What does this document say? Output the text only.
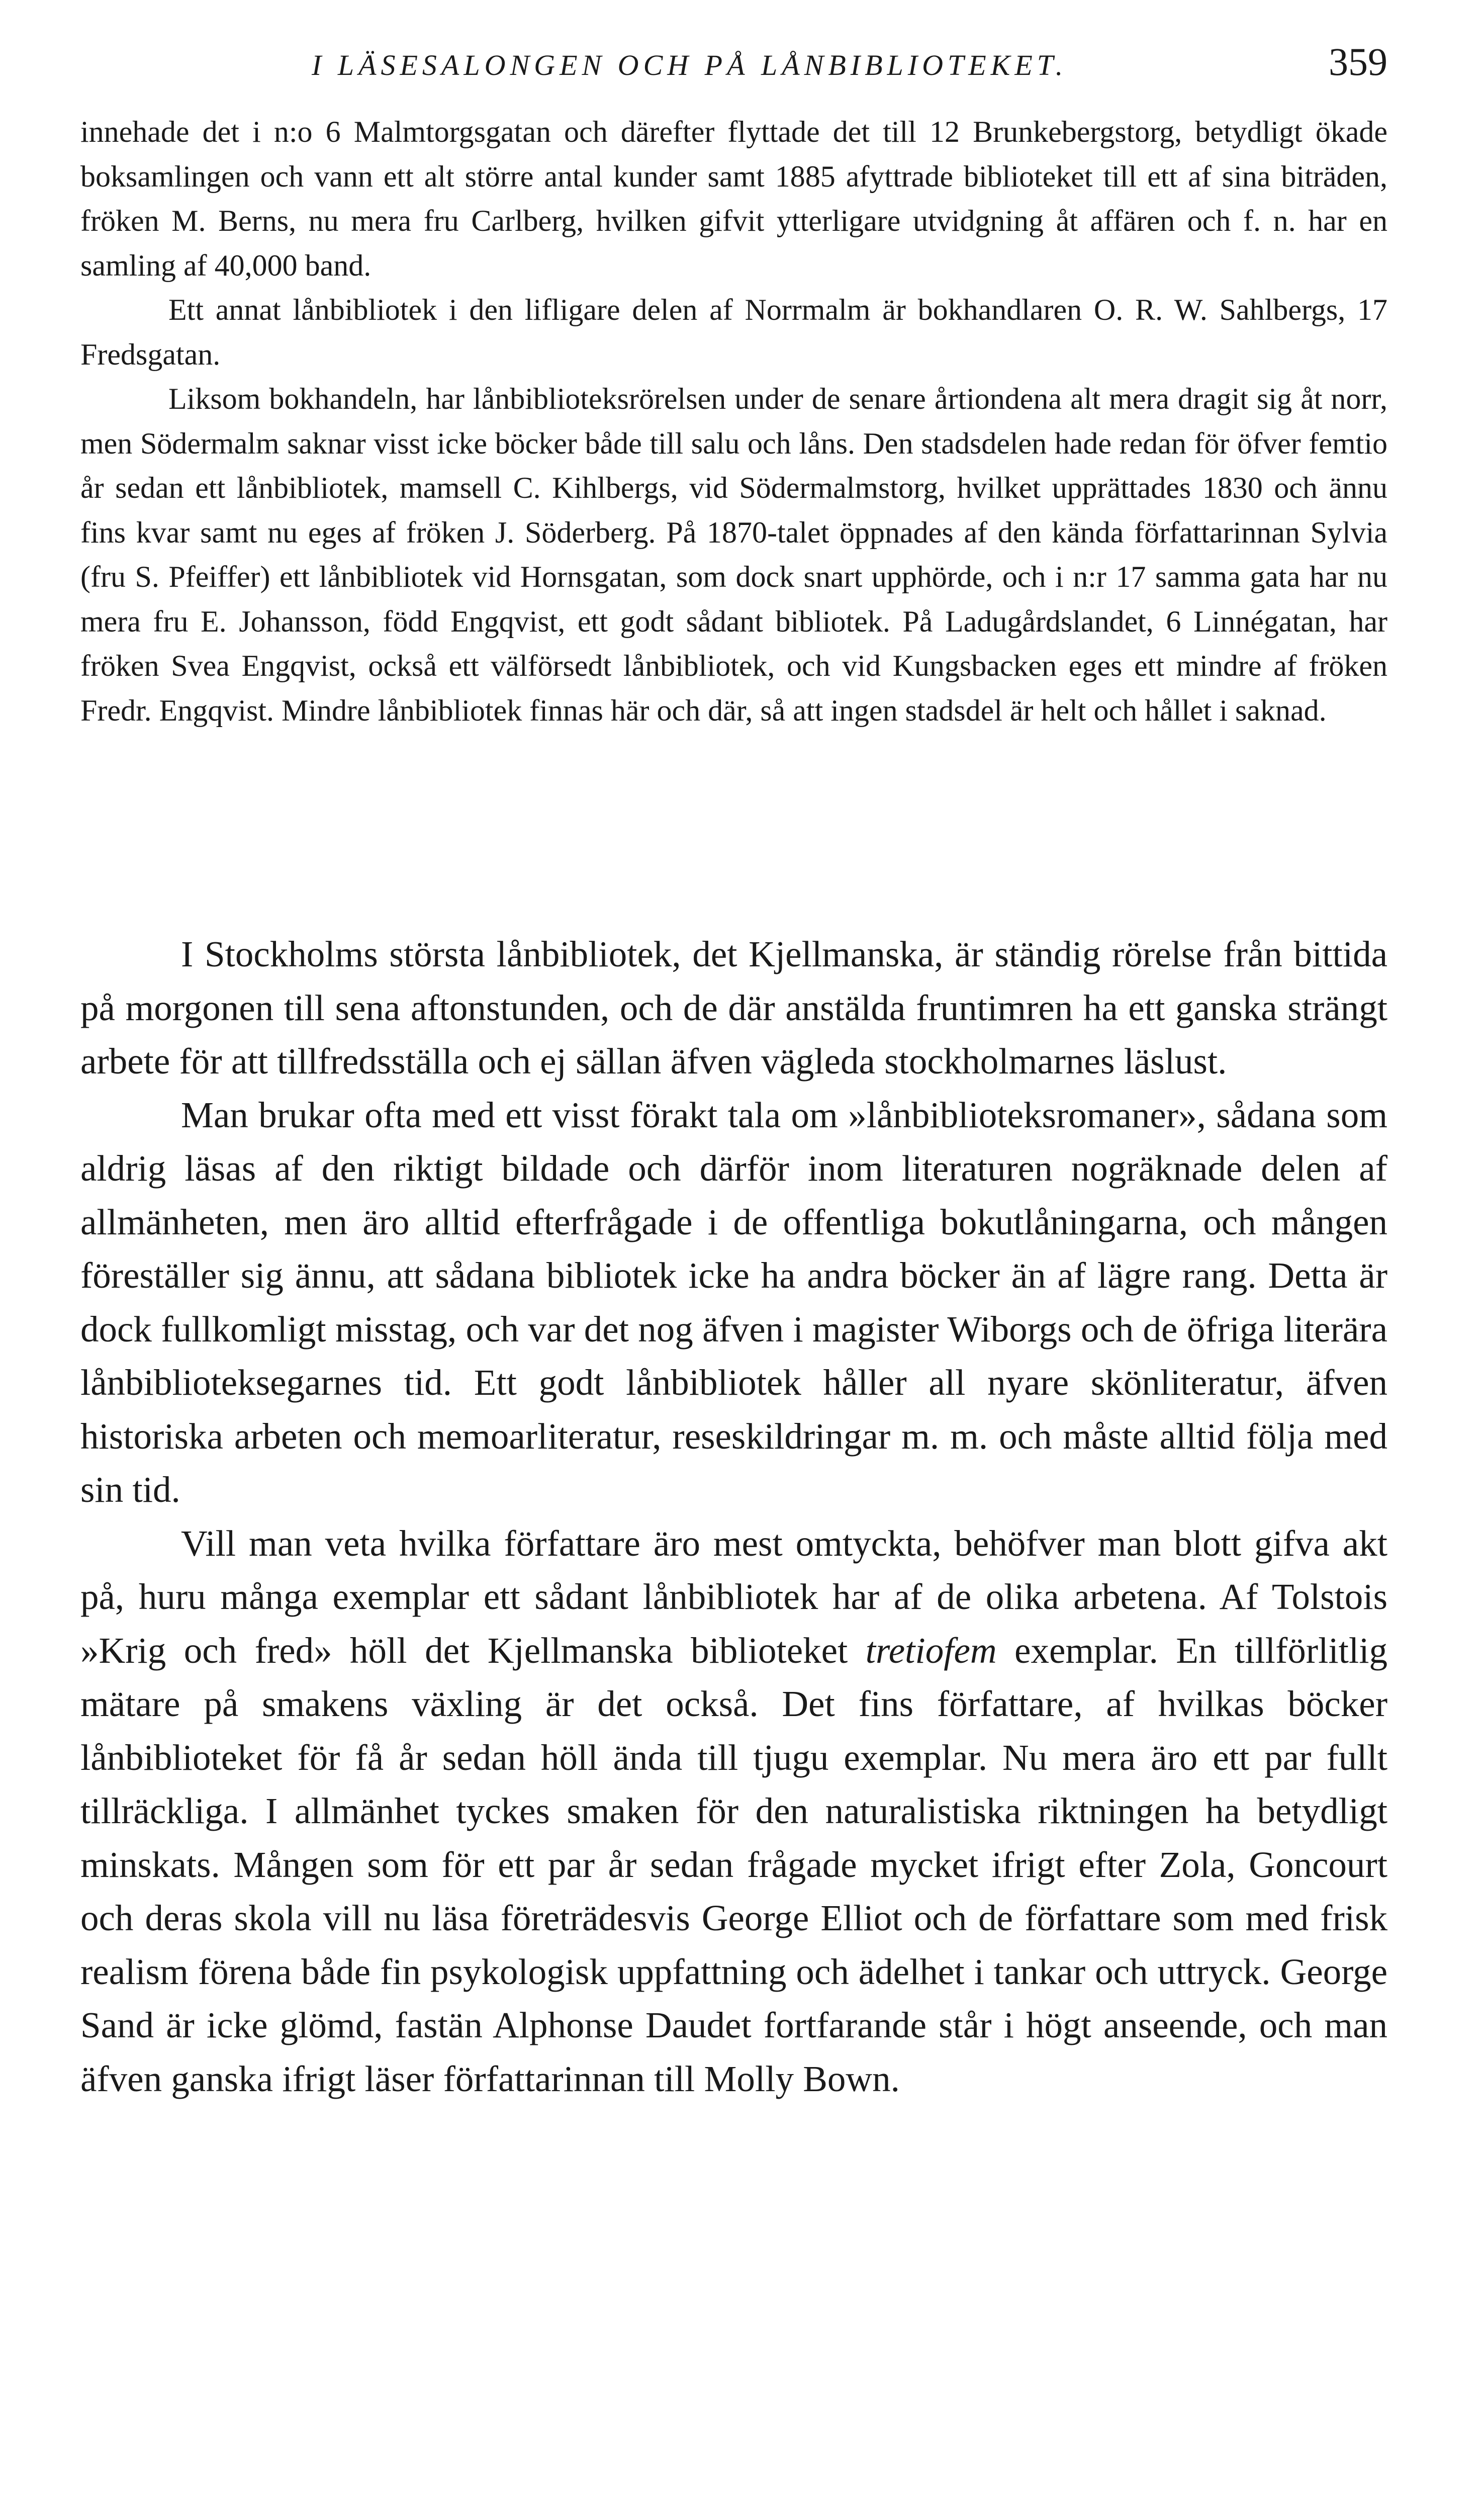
I LÄSESALONGEN OCH PÅ LÅNBIBLIOTEKET.	359

innehade det i n:o 6 Malmtorgsgatan och därefter flyttade det till 12 Brunkebergstorg, betydligt ökade boksamlingen och vann ett alt större antal kunder samt 1885 afyttrade biblioteket till ett af sina biträden, fröken M. Berns, nu mera fru Carlberg, hvilken gifvit ytterligare utvidgning åt affären och f. n. har en samling af 40,000 band.

Ett annat lånbibliotek i den lifligare delen af Norrmalm är bokhandlaren O. R. W. Sahlbergs, 17 Fredsgatan.

Liksom bokhandeln, har lånbiblioteksrörelsen under de senare årtiondena alt mera dragit sig åt norr, men Södermalm saknar visst icke böcker både till salu och låns. Den stadsdelen hade redan för öfver femtio år sedan ett lånbibliotek, mamsell C. Kihlbergs, vid Södermalmstorg, hvilket upprättades 1830 och ännu fins kvar samt nu eges af fröken J. Söderberg. På 1870-talet öppnades af den kända författarinnan Sylvia (fru S. Pfeiffer) ett lånbibliotek vid Hornsgatan, som dock snart upphörde, och i n:r 17 samma gata har nu mera fru E. Johansson, född Engqvist, ett godt sådant bibliotek. På Ladugårdslandet, 6 Linnégatan, har fröken Svea Engqvist, också ett välförsedt lånbibliotek, och vid Kungsbacken eges ett mindre af fröken Fredr. Engqvist. Mindre lånbibliotek finnas här och där, så att ingen stadsdel är helt och hållet i saknad.

I Stockholms största lånbibliotek, det Kjellmanska, är ständig rörelse från bittida på morgonen till sena aftonstunden, och de där anstälda fruntimren ha ett ganska strängt arbete för att tillfredsställa och ej sällan äfven vägleda stockholmarnes läslust.

Man brukar ofta med ett visst förakt tala om »lånbiblioteksromaner», sådana som aldrig läsas af den riktigt bildade och därför inom literaturen nogräknade delen af allmänheten, men äro alltid efterfrågade i de offentliga bokutlåningarna, och mången föreställer sig ännu, att sådana bibliotek icke ha andra böcker än af lägre rang. Detta är dock fullkomligt misstag, och var det nog äfven i magister Wiborgs och de öfriga literära lånbiblioteksegarnes tid. Ett godt lånbibliotek håller all nyare skönliteratur, äfven historiska arbeten och memoarliteratur, reseskildringar m. m. och måste alltid följa med sin tid.

Vill man veta hvilka författare äro mest omtyckta, behöfver man blott gifva akt på, huru många exemplar ett sådant lånbibliotek har af de olika arbetena. Af Tolstois »Krig och fred» höll det Kjellmanska biblioteket tretiofem exemplar. En tillförlitlig mätare på smakens växling är det också. Det fins författare, af hvilkas böcker lånbiblioteket för få år sedan höll ända till tjugu exemplar. Nu mera äro ett par fullt tillräckliga. I allmänhet tyckes smaken för den naturalistiska riktningen ha betydligt minskats. Mången som för ett par år sedan frågade mycket ifrigt efter Zola, Goncourt och deras skola vill nu läsa företrädesvis George Elliot och de författare som med frisk realism förena både fin psykologisk uppfattning och ädelhet i tankar och uttryck. George Sand är icke glömd, fastän Alphonse Daudet fortfarande står i högt anseende, och man äfven ganska ifrigt läser författarinnan till Molly Bown.
